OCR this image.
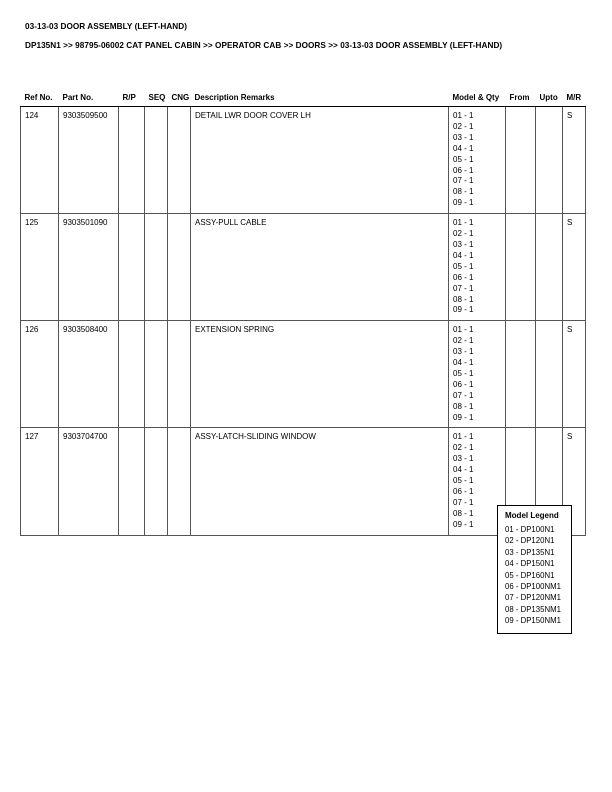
03-13-03 DOOR ASSEMBLY (LEFT-HAND)
DP135N1 >> 98795-06002 CAT PANEL CABIN >> OPERATOR CAB >> DOORS >> 03-13-03 DOOR ASSEMBLY (LEFT-HAND)
Ref No.	Part No.	R/P	SEQ	CNG	Description Remarks	Model & Qty	From	Upto	M/R
124	9303509500				DETAIL LWR DOOR COVER LH	01 - 1
02 - 1
03 - 1
04 - 1
05 - 1
06 - 1
07 - 1
08 - 1
09 - 1
			S
125	9303501090				ASSY-PULL CABLE	01 - 1
02 - 1
03 - 1
04 - 1
05 - 1
06 - 1
07 - 1
08 - 1
09 - 1
			S
126	9303508400				EXTENSION SPRING	01 - 1
02 - 1
03 - 1
04 - 1
05 - 1
06 - 1
07 - 1
08 - 1
09 - 1
			S
127	9303704700				ASSY-LATCH-SLIDING WINDOW	01 - 1
02 - 1
03 - 1
04 - 1
05 - 1
06 - 1
07 - 1
08 - 1
09 - 1
			S
Model Legend
01 - DP100N1
02 - DP120N1
03 - DP135N1
04 - DP150N1
05 - DP160N1
06 - DP100NM1
07 - DP120NM1
08 - DP135NM1
09 - DP150NM1
